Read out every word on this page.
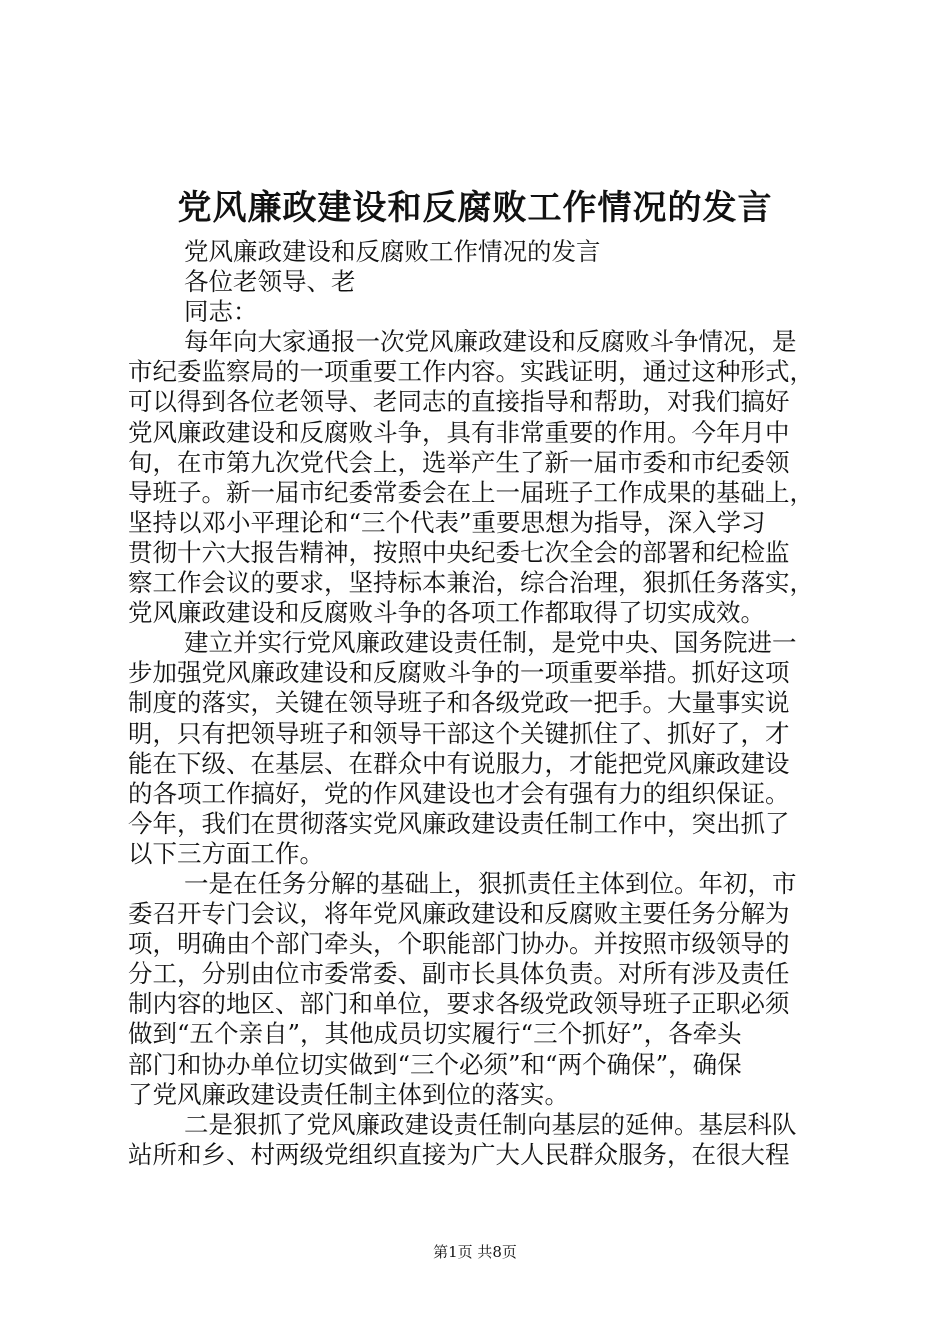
党风廉政建设和反腐败工作情况的发言
党风廉政建设和反腐败工作情况的发言
各位老领导、老
同志：
每年向大家通报一次党风廉政建设和反腐败斗争情况，是
市纪委监察局的一项重要工作内容。实践证明，通过这种形式，
可以得到各位老领导、老同志的直接指导和帮助，对我们搞好
党风廉政建设和反腐败斗争，具有非常重要的作用。今年月中
旬，在市第九次党代会上，选举产生了新一届市委和市纪委领
导班子。新一届市纪委常委会在上一届班子工作成果的基础上，
坚持以邓小平理论和“三个代表”重要思想为指导，深入学习
贯彻十六大报告精神，按照中央纪委七次全会的部署和纪检监
察工作会议的要求，坚持标本兼治，综合治理，狠抓任务落实，
党风廉政建设和反腐败斗争的各项工作都取得了切实成效。
建立并实行党风廉政建设责任制，是党中央、国务院进一
步加强党风廉政建设和反腐败斗争的一项重要举措。抓好这项
制度的落实，关键在领导班子和各级党政一把手。大量事实说
明，只有把领导班子和领导干部这个关键抓住了、抓好了，才
能在下级、在基层、在群众中有说服力，才能把党风廉政建设
的各项工作搞好，党的作风建设也才会有强有力的组织保证。
今年，我们在贯彻落实党风廉政建设责任制工作中，突出抓了
以下三方面工作。
一是在任务分解的基础上，狠抓责任主体到位。年初，市
委召开专门会议，将年党风廉政建设和反腐败主要任务分解为
项，明确由个部门牵头，个职能部门协办。并按照市级领导的
分工，分别由位市委常委、副市长具体负责。对所有涉及责任
制内容的地区、部门和单位，要求各级党政领导班子正职必须
做到“五个亲自”，其他成员切实履行“三个抓好”，各牵头
部门和协办单位切实做到“三个必须”和“两个确保”，确保
了党风廉政建设责任制主体到位的落实。
二是狠抓了党风廉政建设责任制向基层的延伸。基层科队
站所和乡、村两级党组织直接为广大人民群众服务，在很大程
第1页 共8页
